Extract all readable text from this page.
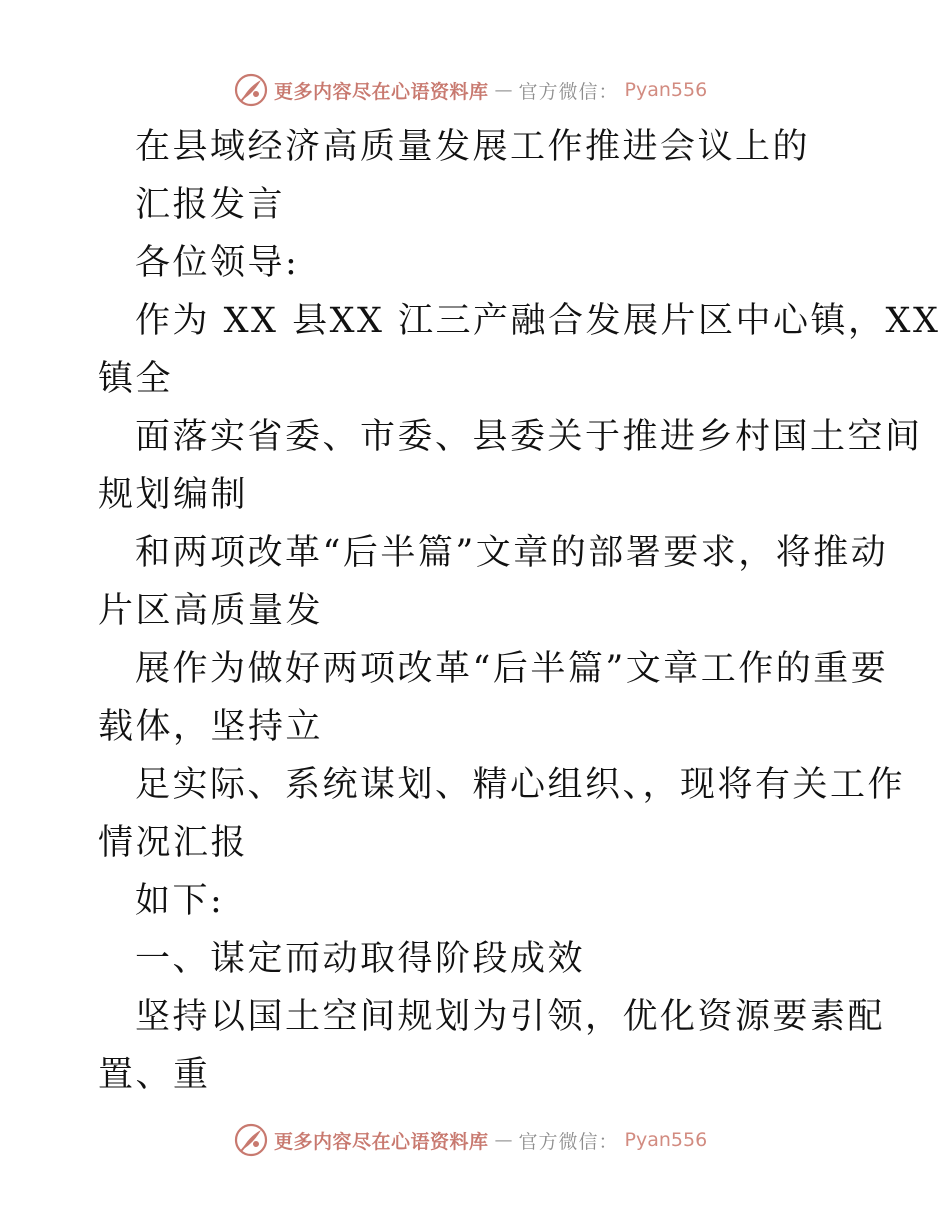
更多内容尽在心语资料库 — 官方微信： Pyan556
在县域经济高质量发展工作推进会议上的
汇报发言
各位领导:
作为 XX 县XX 江三产融合发展片区中心镇，XX
镇全
面落实省委、市委、县委关于推进乡村国土空间
规划编制
和两项改革“后半篇”文章的部署要求，将推动
片区高质量发
展作为做好两项改革“后半篇”文章工作的重要
载体，坚持立
足实际、系统谋划、精心组织、，现将有关工作
情况汇报
如下:
一、谋定而动取得阶段成效
坚持以国土空间规划为引领，优化资源要素配
置、重
更多内容尽在心语资料库 — 官方微信： Pyan556
